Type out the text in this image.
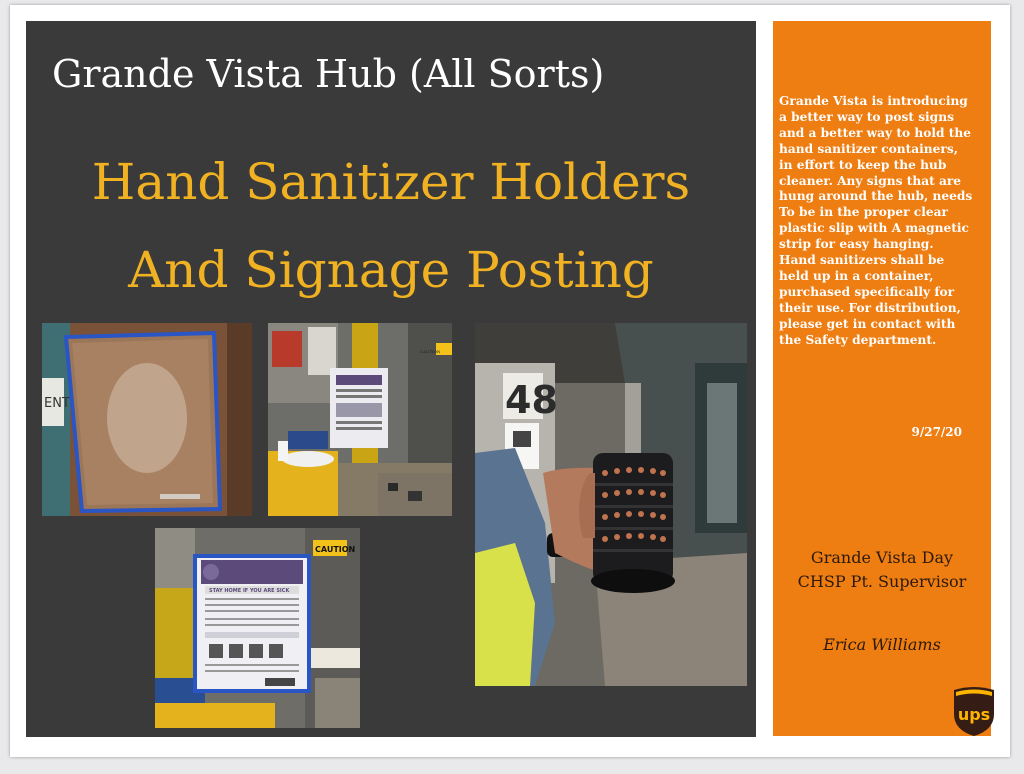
Grande Vista Hub (All Sorts)
Hand Sanitizer Holders
And Signage Posting
ENT
CAUTION
48
CAUTION
STAY HOME IF YOU ARE SICK
Grande Vista is introducing
a better way to post signs
and a better way to hold the
hand sanitizer containers,
in effort to keep the hub
cleaner. Any signs that are
hung around the hub, needs
To be in the proper clear
plastic slip with A magnetic
strip for easy hanging.
Hand sanitizers shall be
held up in a container,
purchased specifically for
their use. For distribution,
please get in contact with
the Safety department.
9/27/20
Grande Vista Day
CHSP Pt. Supervisor
Erica Williams
ups
